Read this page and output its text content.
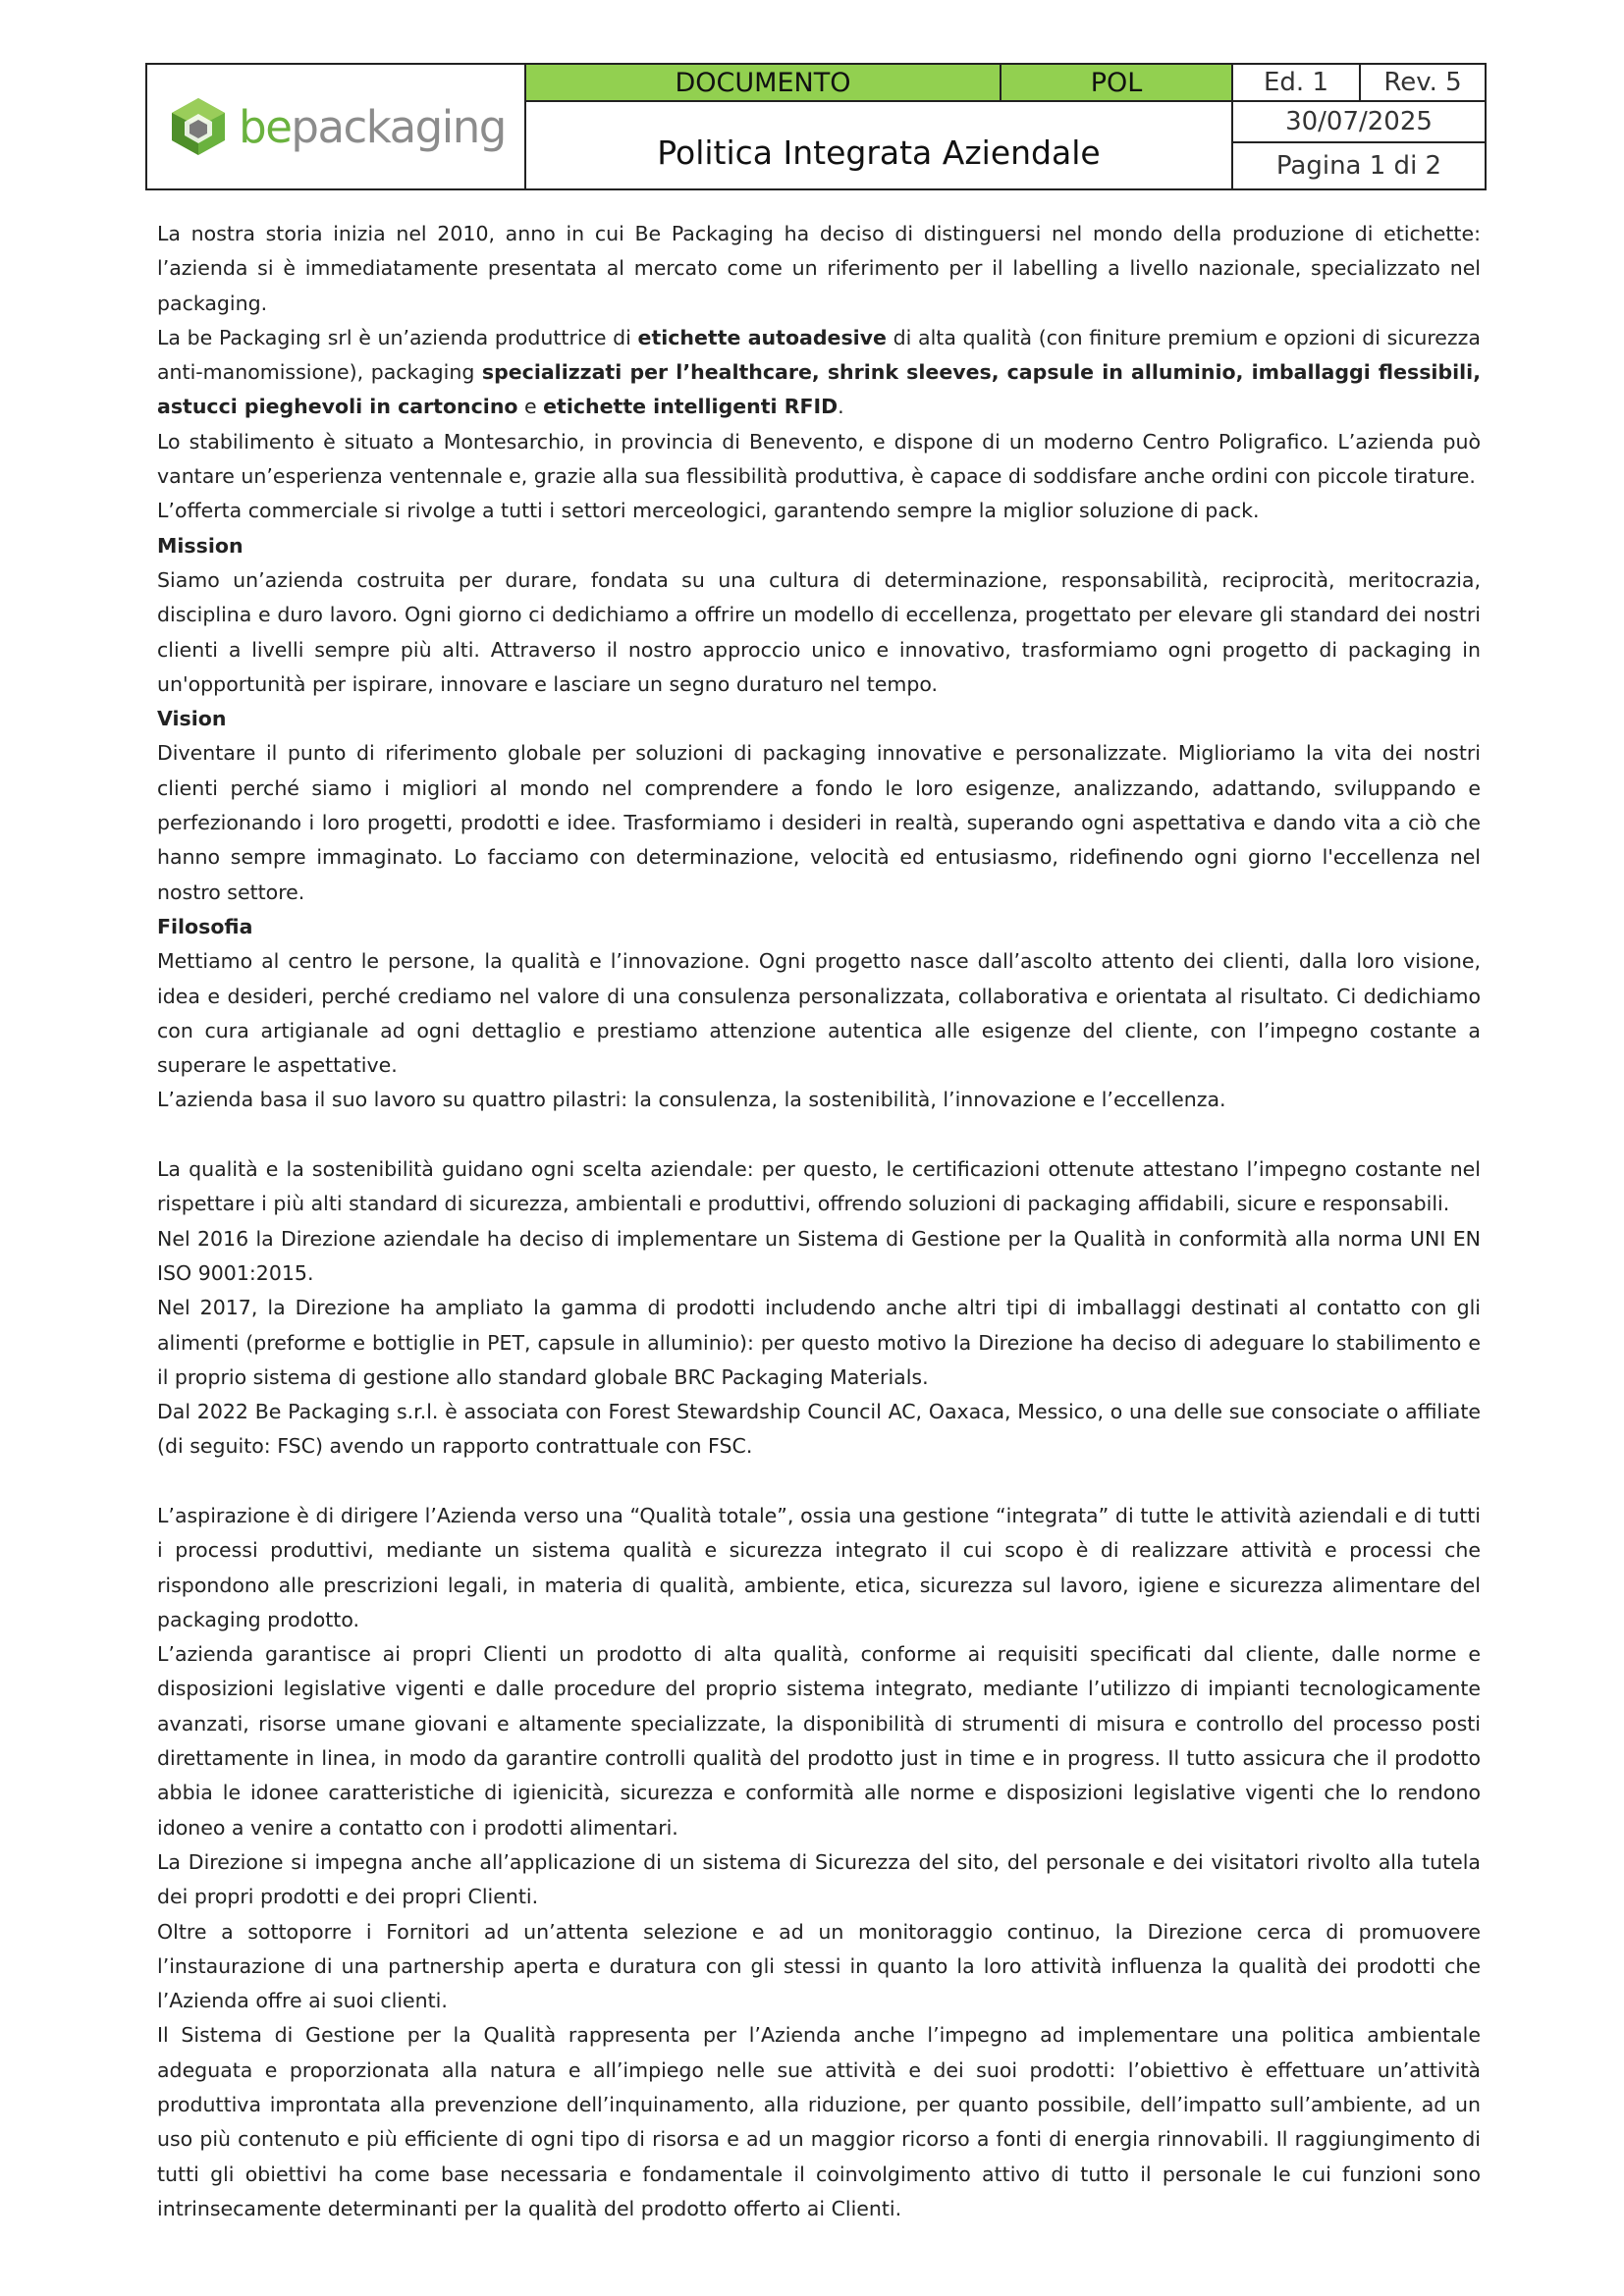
bepackaging
DOCUMENTO	POL
Politica Integrata Aziendale
Ed. 1	Rev. 5
30/07/2025
Pagina 1 di 2

La nostra storia inizia nel 2010, anno in cui Be Packaging ha deciso di distinguersi nel mondo della produzione di etichette: l’azienda si è immediatamente presentata al mercato come un riferimento per il labelling a livello nazionale, specializzato nel packaging.

La be Packaging srl è un’azienda produttrice di etichette autoadesive di alta qualità (con finiture premium e opzioni di sicurezza anti-manomissione), packaging specializzati per l’healthcare, shrink sleeves, capsule in alluminio, imballaggi flessibili, astucci pieghevoli in cartoncino e etichette intelligenti RFID.

Lo stabilimento è situato a Montesarchio, in provincia di Benevento, e dispone di un moderno Centro Poligrafico. L’azienda può vantare un’esperienza ventennale e, grazie alla sua flessibilità produttiva, è capace di soddisfare anche ordini con piccole tirature.

L’offerta commerciale si rivolge a tutti i settori merceologici, garantendo sempre la miglior soluzione di pack.

Mission

Siamo un’azienda costruita per durare, fondata su una cultura di determinazione, responsabilità, reciprocità, meritocrazia, disciplina e duro lavoro. Ogni giorno ci dedichiamo a offrire un modello di eccellenza, progettato per elevare gli standard dei nostri clienti a livelli sempre più alti. Attraverso il nostro approccio unico e innovativo, trasformiamo ogni progetto di packaging in un'opportunità per ispirare, innovare e lasciare un segno duraturo nel tempo.

Vision

Diventare il punto di riferimento globale per soluzioni di packaging innovative e personalizzate. Miglioriamo la vita dei nostri clienti perché siamo i migliori al mondo nel comprendere a fondo le loro esigenze, analizzando, adattando, sviluppando e perfezionando i loro progetti, prodotti e idee. Trasformiamo i desideri in realtà, superando ogni aspettativa e dando vita a ciò che hanno sempre immaginato. Lo facciamo con determinazione, velocità ed entusiasmo, ridefinendo ogni giorno l'eccellenza nel nostro settore.

Filosofia

Mettiamo al centro le persone, la qualità e l’innovazione. Ogni progetto nasce dall’ascolto attento dei clienti, dalla loro visione, idea e desideri, perché crediamo nel valore di una consulenza personalizzata, collaborativa e orientata al risultato. Ci dedichiamo con cura artigianale ad ogni dettaglio e prestiamo attenzione autentica alle esigenze del cliente, con l’impegno costante a superare le aspettative.

L’azienda basa il suo lavoro su quattro pilastri: la consulenza, la sostenibilità, l’innovazione e l’eccellenza.

La qualità e la sostenibilità guidano ogni scelta aziendale: per questo, le certificazioni ottenute attestano l’impegno costante nel rispettare i più alti standard di sicurezza, ambientali e produttivi, offrendo soluzioni di packaging affidabili, sicure e responsabili.

Nel 2016 la Direzione aziendale ha deciso di implementare un Sistema di Gestione per la Qualità in conformità alla norma UNI EN ISO 9001:2015.

Nel 2017, la Direzione ha ampliato la gamma di prodotti includendo anche altri tipi di imballaggi destinati al contatto con gli alimenti (preforme e bottiglie in PET, capsule in alluminio): per questo motivo la Direzione ha deciso di adeguare lo stabilimento e il proprio sistema di gestione allo standard globale BRC Packaging Materials.

Dal 2022 Be Packaging s.r.l. è associata con Forest Stewardship Council AC, Oaxaca, Messico, o una delle sue consociate o affiliate (di seguito: FSC) avendo un rapporto contrattuale con FSC.

L’aspirazione è di dirigere l’Azienda verso una “Qualità totale”, ossia una gestione “integrata” di tutte le attività aziendali e di tutti i processi produttivi, mediante un sistema qualità e sicurezza integrato il cui scopo è di realizzare attività e processi che rispondono alle prescrizioni legali, in materia di qualità, ambiente, etica, sicurezza sul lavoro, igiene e sicurezza alimentare del packaging prodotto.

L’azienda garantisce ai propri Clienti un prodotto di alta qualità, conforme ai requisiti specificati dal cliente, dalle norme e disposizioni legislative vigenti e dalle procedure del proprio sistema integrato, mediante l’utilizzo di impianti tecnologicamente avanzati, risorse umane giovani e altamente specializzate, la disponibilità di strumenti di misura e controllo del processo posti direttamente in linea, in modo da garantire controlli qualità del prodotto just in time e in progress. Il tutto assicura che il prodotto abbia le idonee caratteristiche di igienicità, sicurezza e conformità alle norme e disposizioni legislative vigenti che lo rendono idoneo a venire a contatto con i prodotti alimentari.

La Direzione si impegna anche all’applicazione di un sistema di Sicurezza del sito, del personale e dei visitatori rivolto alla tutela dei propri prodotti e dei propri Clienti.

Oltre a sottoporre i Fornitori ad un’attenta selezione e ad un monitoraggio continuo, la Direzione cerca di promuovere l’instaurazione di una partnership aperta e duratura con gli stessi in quanto la loro attività influenza la qualità dei prodotti che l’Azienda offre ai suoi clienti.

Il Sistema di Gestione per la Qualità rappresenta per l’Azienda anche l’impegno ad implementare una politica ambientale adeguata e proporzionata alla natura e all’impiego nelle sue attività e dei suoi prodotti: l’obiettivo è effettuare un’attività produttiva improntata alla prevenzione dell’inquinamento, alla riduzione, per quanto possibile, dell’impatto sull’ambiente, ad un uso più contenuto e più efficiente di ogni tipo di risorsa e ad un maggior ricorso a fonti di energia rinnovabili. Il raggiungimento di tutti gli obiettivi ha come base necessaria e fondamentale il coinvolgimento attivo di tutto il personale le cui funzioni sono intrinsecamente determinanti per la qualità del prodotto offerto ai Clienti.
